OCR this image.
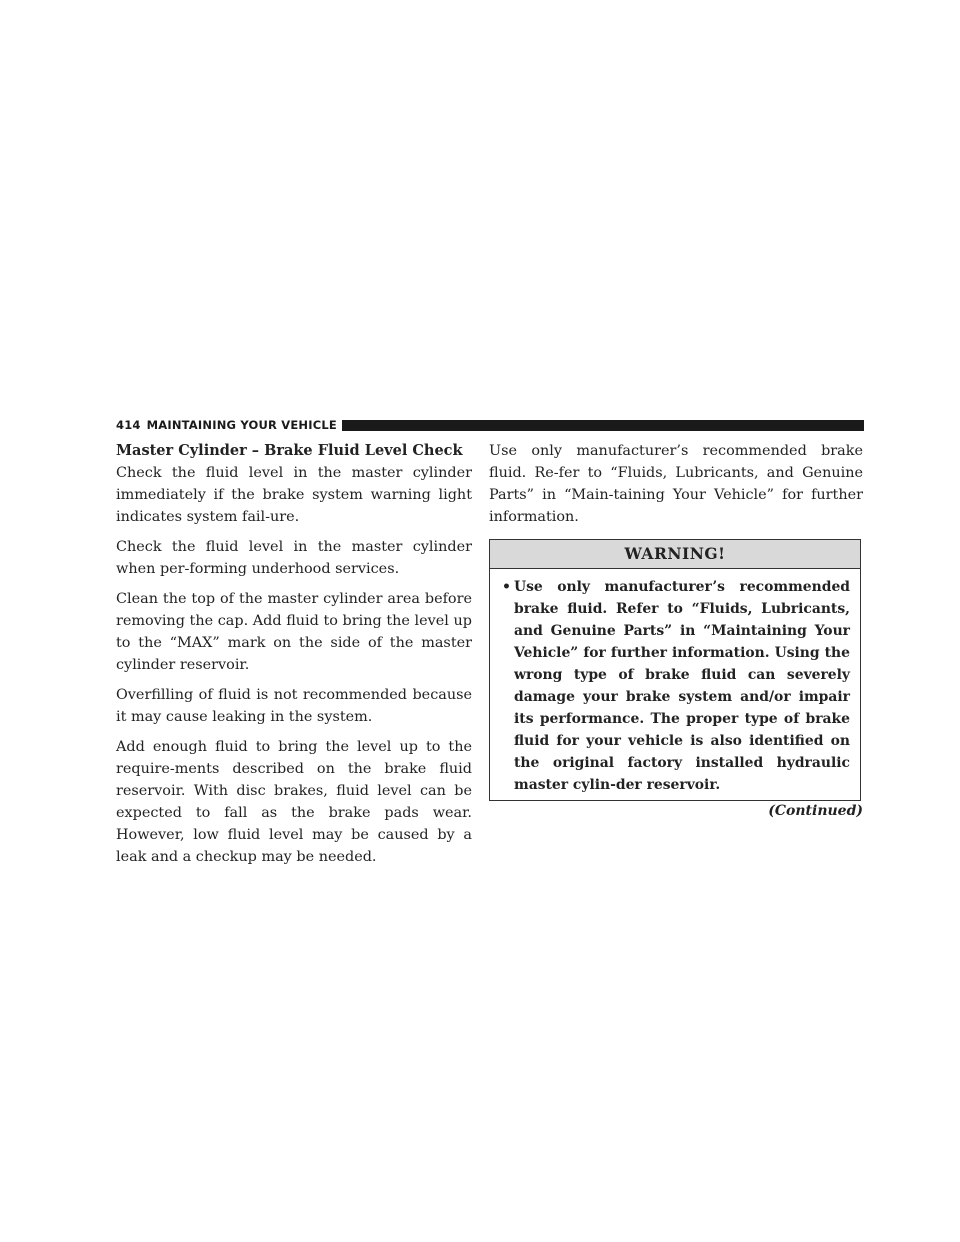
414 MAINTAINING YOUR VEHICLE
Master Cylinder – Brake Fluid Level Check

Check the fluid level in the master cylinder immediately if the brake system warning light indicates system fail-ure.

Check the fluid level in the master cylinder when per-forming underhood services.

Clean the top of the master cylinder area before removing the cap. Add fluid to bring the level up to the “MAX” mark on the side of the master cylinder reservoir.

Overfilling of fluid is not recommended because it may cause leaking in the system.

Add enough fluid to bring the level up to the require-ments described on the brake fluid reservoir. With disc brakes, fluid level can be expected to fall as the brake pads wear. However, low fluid level may be caused by a leak and a checkup may be needed.

Use only manufacturer’s recommended brake fluid. Re-fer to “Fluids, Lubricants, and Genuine Parts” in “Main-taining Your Vehicle” for further information.

WARNING!
• Use only manufacturer’s recommended brake fluid. Refer to “Fluids, Lubricants, and Genuine Parts” in “Maintaining Your Vehicle” for further information. Using the wrong type of brake fluid can severely damage your brake system and/or impair its performance. The proper type of brake fluid for your vehicle is also identified on the original factory installed hydraulic master cylin-der reservoir.
(Continued)
